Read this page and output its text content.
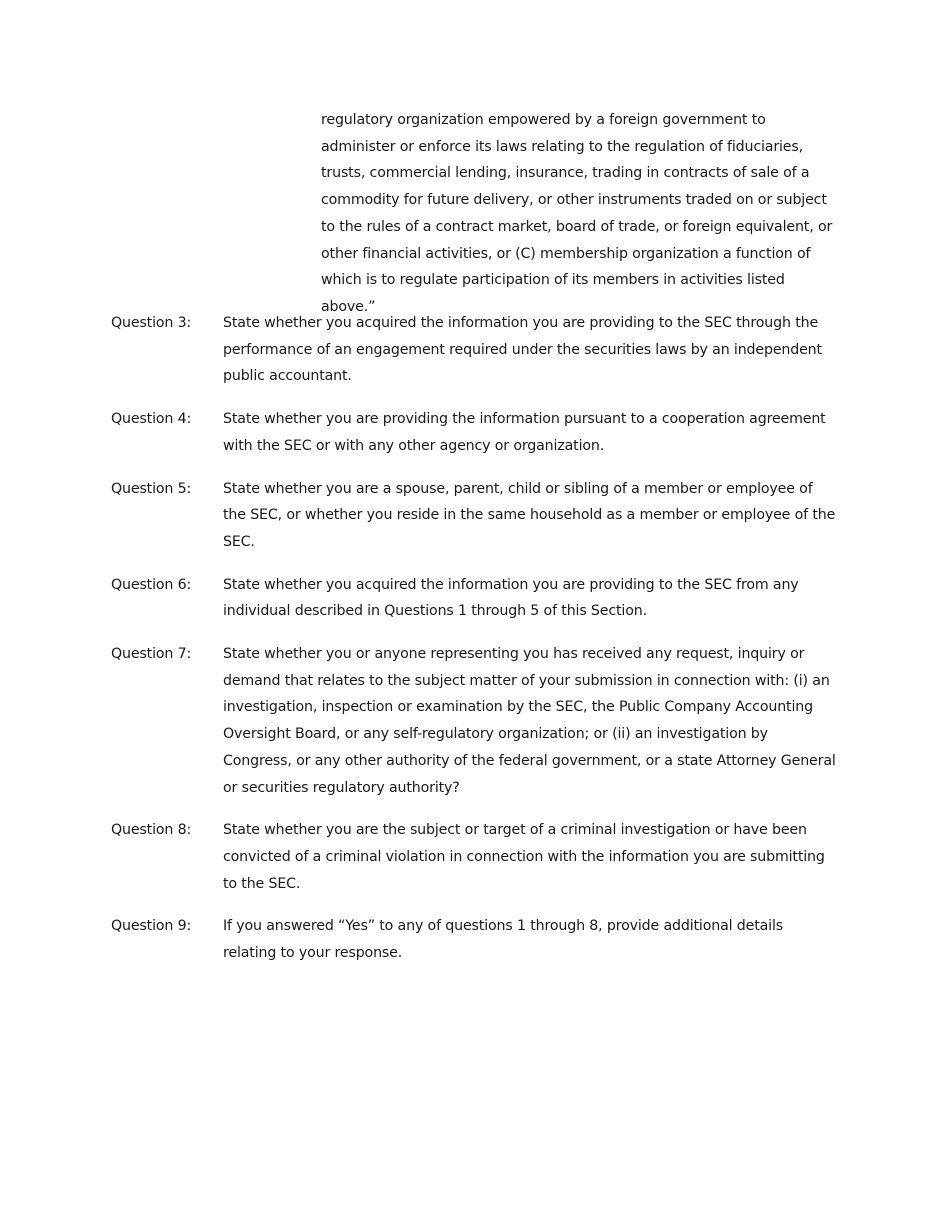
regulatory organization empowered by a foreign government to administer or enforce its laws relating to the regulation of fiduciaries, trusts, commercial lending, insurance, trading in contracts of sale of a commodity for future delivery, or other instruments traded on or subject to the rules of a contract market, board of trade, or foreign equivalent, or other financial activities, or (C) membership organization a function of which is to regulate participation of its members in activities listed above.”

Question 3:	State whether you acquired the information you are providing to the SEC through the performance of an engagement required under the securities laws by an independent public accountant.
Question 4:	State whether you are providing the information pursuant to a cooperation agreement with the SEC or with any other agency or organization.
Question 5:	State whether you are a spouse, parent, child or sibling of a member or employee of the SEC, or whether you reside in the same household as a member or employee of the SEC.
Question 6:	State whether you acquired the information you are providing to the SEC from any individual described in Questions 1 through 5 of this Section.
Question 7:	State whether you or anyone representing you has received any request, inquiry or demand that relates to the subject matter of your submission in connection with: (i) an investigation, inspection or examination by the SEC, the Public Company Accounting Oversight Board, or any self-regulatory organization; or (ii) an investigation by Congress, or any other authority of the federal government, or a state Attorney General or securities regulatory authority?
Question 8:	State whether you are the subject or target of a criminal investigation or have been convicted of a criminal violation in connection with the information you are submitting to the SEC.
Question 9:	If you answered “Yes” to any of questions 1 through 8, provide additional details relating to your response.
